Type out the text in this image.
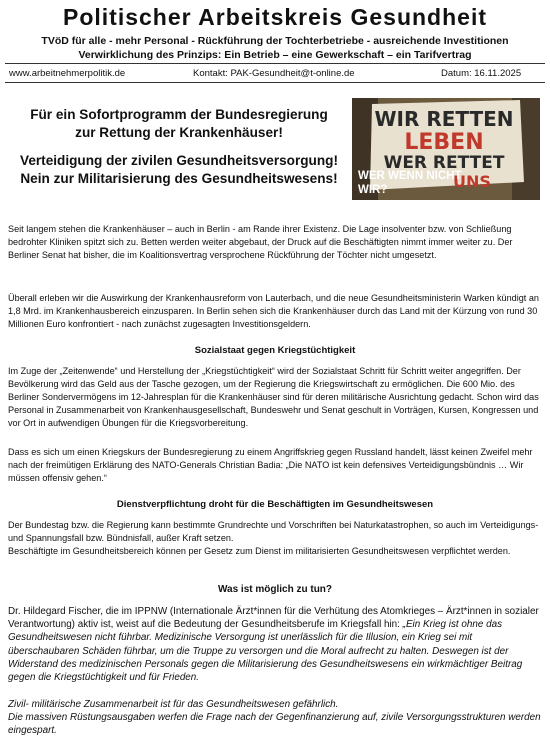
Politischer Arbeitskreis Gesundheit
TVöD für alle - mehr Personal - Rückführung der Tochterbetriebe - ausreichende Investitionen
Verwirklichung des Prinzips: Ein Betrieb – eine Gewerkschaft – ein Tarifvertrag
www.arbeitnehmerpolitik.de	Kontakt: PAK-Gesundheit@t-online.de	Datum: 16.11.2025
Für ein Sofortprogramm der Bundesregierung
zur Rettung der Krankenhäuser!
Verteidigung der zivilen Gesundheitsversorgung!
Nein zur Militarisierung des Gesundheitswesens!
WIR RETTEN
LEBEN
WER RETTET
UNS
WER WENN NICHT
WIR?
Seit langem stehen die Krankenhäuser – auch in Berlin - am Rande ihrer Existenz. Die Lage insolventer bzw. von Schließung bedrohter Kliniken spitzt sich zu. Betten werden weiter abgebaut, der Druck auf die Beschäftigten nimmt immer weiter zu. Der Berliner Senat hat bisher, die im Koalitionsvertrag versprochene Rückführung der Töchter nicht umgesetzt.
Überall erleben wir die Auswirkung der Krankenhausreform von Lauterbach, und die neue Gesundheitsministerin Warken kündigt an 1,8 Mrd. im Krankenhausbereich einzusparen. In Berlin sehen sich die Krankenhäuser durch das Land mit der Kürzung von rund 30 Millionen Euro konfrontiert - nach zunächst zugesagten Investitionsgeldern.
Sozialstaat gegen Kriegstüchtigkeit
Im Zuge der „Zeitenwende“ und Herstellung der „Kriegstüchtigkeit“ wird der Sozialstaat Schritt für Schritt weiter angegriffen. Der Bevölkerung wird das Geld aus der Tasche gezogen, um der Regierung die Kriegswirtschaft zu ermöglichen. Die 600 Mio. des Berliner Sondervermögens im 12-Jahresplan für die Krankenhäuser sind für deren militärische Ausrichtung gedacht. Schon wird das Personal in Zusammenarbeit von Krankenhausgesellschaft, Bundeswehr und Senat geschult in Vorträgen, Kursen, Kongressen und vor Ort in aufwendigen Übungen für die Kriegsvorbereitung.
Dass es sich um einen Kriegskurs der Bundesregierung zu einem Angriffskrieg gegen Russland handelt, lässt keinen Zweifel mehr nach der freimütigen Erklärung des NATO-Generals Christian Badia: „Die NATO ist kein defensives Verteidigungsbündnis … Wir müssen offensiv gehen.“
Dienstverpflichtung droht für die Beschäftigten im Gesundheitswesen
Der Bundestag bzw. die Regierung kann bestimmte Grundrechte und Vorschriften bei Naturkatastrophen, so auch im Verteidigungs- und Spannungsfall bzw. Bündnisfall, außer Kraft setzen.
Beschäftigte im Gesundheitsbereich können per Gesetz zum Dienst im militarisierten Gesundheitswesen verpflichtet werden.
Was ist möglich zu tun?
Dr. Hildegard Fischer, die im IPPNW (Internationale Ärzt*innen für die Verhütung des Atomkrieges – Ärzt*innen in sozialer Verantwortung) aktiv ist, weist auf die Bedeutung der Gesundheitsberufe im Kriegsfall hin: „Ein Krieg ist ohne das Gesundheitswesen nicht führbar. Medizinische Versorgung ist unerlässlich für die Illusion, ein Krieg sei mit überschaubaren Schäden führbar, um die Truppe zu versorgen und die Moral aufrecht zu halten. Deswegen ist der Widerstand des medizinischen Personals gegen die Militarisierung des Gesundheitswesens ein wirkmächtiger Beitrag gegen die Kriegstüchtigkeit und für Frieden.
Zivil- militärische Zusammenarbeit ist für das Gesundheitswesen gefährlich.
Die massiven Rüstungsausgaben werfen die Frage nach der Gegenfinanzierung auf, zivile Versorgungsstrukturen werden eingespart.
